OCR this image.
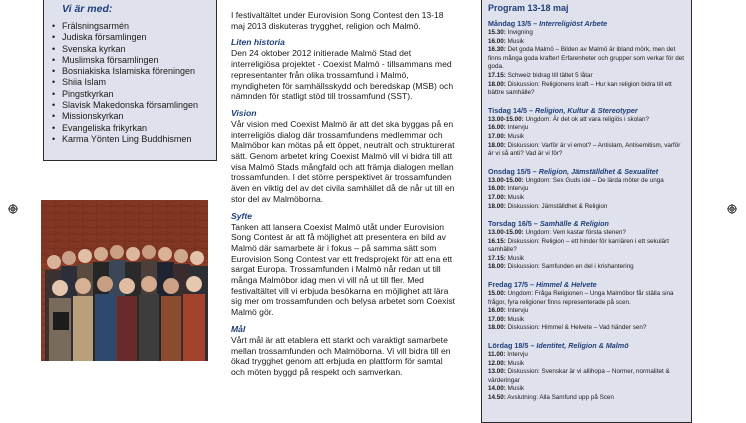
Vi är med:
• Frälsningsarmén
• Judiska församlingen
• Svenska kyrkan
• Muslimska församlingen
• Bosniakiska Islamiska föreningen
• Shiia Islam
• Pingstkyrkan
• Slavisk Makedonska församlingen
• Missionskyrkan
• Evangeliska frikyrkan
• Karma Yönten Ling Buddhismen

I festivaltältet under Eurovision Song Contest den 13-18 maj 2013 diskuteras trygghet, religion och Malmö.

Liten historia

Den 24 oktober 2012 initierade Malmö Stad det interreligiösa projektet - Coexist Malmö - tillsammans med representanter från olika trossamfund i Malmö, myndigheten för samhällsskydd och beredskap (MSB) och nämnden för statligt stöd till trossamfund (SST).

Vision

Vår vision med Coexist Malmö är att det ska byggas på en interreligiös dialog där trossamfundens medlemmar och Malmöbor kan mötas på ett öppet, neutralt och strukturerat sätt. Genom arbetet kring Coexist Malmö vill vi bidra till att visa Malmö Stads mångfald och att främja dialogen mellan trossamfunden. I det större perspektivet är trossamfunden även en viktig del av det civila samhället då de når ut till en stor del av Malmöborna.

Syfte

Tanken att lansera Coexist Malmö utåt under Eurovision Song Contest är att få möjlighet att presentera en bild av Malmö där samarbete är i fokus – på samma sätt som Eurovision Song Contest var ett fredsprojekt för att ena ett sargat Europa. Trossamfunden i Malmö når redan ut till många Malmöbor idag men vi vill nå ut till fler. Med festivaltältet vill vi erbjuda besökarna en möjlighet att lära sig mer om trossamfunden och belysa arbetet som Coexist Malmö gör.

Mål

Vårt mål är att etablera ett starkt och varaktigt samarbete mellan trossamfunden och Malmöborna. Vi vill bidra till en ökad trygghet genom att erbjuda en plattform för samtal och möten byggd på respekt och samverkan.

Program 13-18 maj
Måndag 13/5 – Interreligiöst Arbete
15.30: Invigning
16.00: Musik
16.30: Det goda Malmö – Bilden av Malmö är ibland mörk, men det finns många goda krafter! Erfarenheter och grupper som verkar för det goda.
17.15: Schweiz bidrag till tältet 5 låtar
18.00: Diskussion: Religionens kraft – Hur kan religion bidra till ett bättre samhälle?
Tisdag 14/5 – Religion, Kultur & Stereotyper
13.00-15.00: Ungdom: Är det ok att vara religiös i skolan?
16.00: Intervju
17.00: Musik
18.00: Diskussion: Varför är vi emot? – Antislam, Antisemitism, varför är vi så anti? Vad är vi för?
Onsdag 15/5 – Religion, Jämställdhet & Sexualitet
13.00-15.00: Ungdom: Sex Guds idé – De lärda möter de unga
16.00: Intervju
17.00: Musik
18.00: Diskussion: Jämställdhet & Religion
Torsdag 16/5 – Samhälle & Religion
13.00-15.00: Ungdom: Vem kastar första stenen?
16.15: Diskussion: Religion – ett hinder för karriären i ett sekulärt samhälle?
17.15: Musik
18.00: Diskussion: Samfunden en del i krishantering
Fredag 17/5 – Himmel & Helvete
15.00: Ungdom: Fråga Religionen – Unga Malmöbor får ställa sina frågor, fyra religioner finns representerade på scen.
16.00: Intervju
17.00: Musik
18.00: Diskussion: Himmel & Helvete – Vad händer sen?
Lördag 18/5 – Identitet, Religion & Malmö
11.00: Intervju
12.00: Musik
13.00: Diskussion: Svenskar är vi allihopa – Normer, normalitet & värderingar
14.00: Musik
14.50: Avslutning: Alla Samfund upp på Scen
